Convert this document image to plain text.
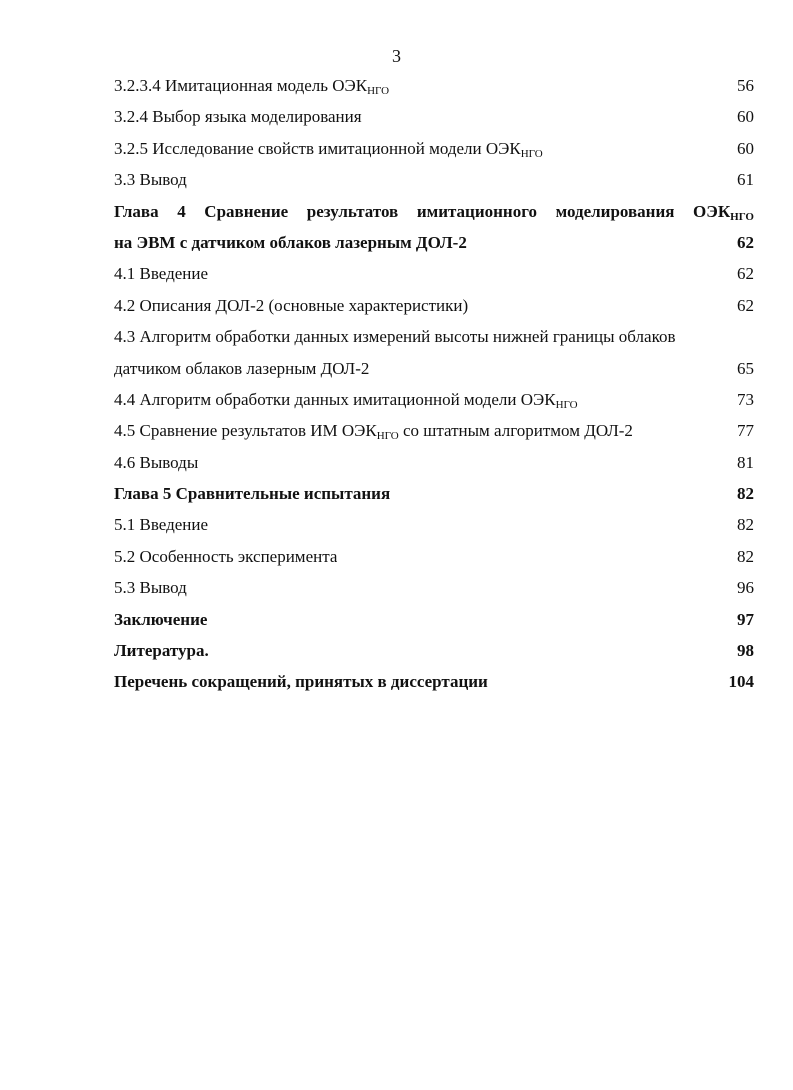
3
3.2.3.4 Имитационная модель $ОЭК_{НГО}$	56
3.2.4 Выбор языка моделирования	60
3.2.5 Исследование свойств имитационной модели $ОЭК_{НГО}$	60
3.3 Вывод	61
Глава 4 Сравнение результатов имитационного моделирования $ОЭК_{НГО}$
на ЭВМ с датчиком облаков лазерным ДОЛ-2	62
4.1 Введение	62
4.2 Описания ДОЛ-2 (основные характеристики)	62
4.3 Алгоритм обработки данных измерений высоты нижней границы облаков
датчиком облаков лазерным ДОЛ-2	65
4.4 Алгоритм обработки данных имитационной модели $ОЭК_{НГО}$	73
4.5 Сравнение результатов ИМ $ОЭК_{НГО}$ со штатным алгоритмом ДОЛ-2	77
4.6 Выводы	81
Глава 5 Сравнительные испытания	82
5.1 Введение	82
5.2 Особенность эксперимента	82
5.3 Вывод	96
Заключение	97
Литература.	98
Перечень сокращений, принятых в диссертации	104
